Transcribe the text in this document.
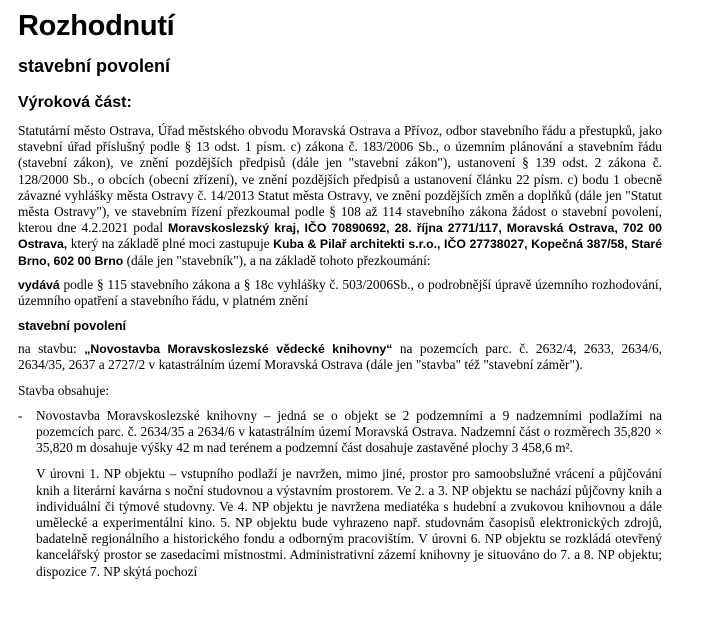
Rozhodnutí
stavební povolení
Výroková část:

Statutární město Ostrava, Úřad městského obvodu Moravská Ostrava a Přívoz, odbor stavebního řádu a přestupků, jako stavební úřad příslušný podle § 13 odst. 1 písm. c) zákona č. 183/2006 Sb., o územním plánování a stavebním řádu (stavební zákon), ve znění pozdějších předpisů (dále jen "stavební zákon"), ustanovení § 139 odst. 2 zákona č. 128/2000 Sb., o obcích (obecní zřízení), ve znění pozdějších předpisů a ustanovení článku 22 písm. c) bodu 1 obecně závazné vyhlášky města Ostravy č. 14/2013 Statut města Ostravy, ve znění pozdějších změn a doplňků (dále jen "Statut města Ostravy"), ve stavebním řízení přezkoumal podle § 108 až 114 stavebního zákona žádost o stavební povolení, kterou dne 4.2.2021 podal Moravskoslezský kraj, IČO 70890692, 28. října 2771/117, Moravská Ostrava, 702 00 Ostrava, který na základě plné moci zastupuje Kuba & Pilař architekti s.r.o., IČO 27738027, Kopečná 387/58, Staré Brno, 602 00 Brno (dále jen "stavebník"), a na základě tohoto přezkoumání:

vydává podle § 115 stavebního zákona a § 18c vyhlášky č. 503/2006Sb., o podrobnější úpravě územního rozhodování, územního opatření a stavebního řádu, v platném znění

stavební povolení

na stavbu: „Novostavba Moravskoslezské vědecké knihovny“ na pozemcích parc. č. 2632/4, 2633, 2634/6, 2634/35, 2637 a 2727/2 v katastrálním území Moravská Ostrava (dále jen "stavba" též "stavební záměr").

Stavba obsahuje:

- Novostavba Moravskoslezské knihovny – jedná se o objekt se 2 podzemními a 9 nadzemními podlažími na pozemcích parc. č. 2634/35 a 2634/6 v katastrálním území Moravská Ostrava. Nadzemní část o rozměrech 35,820 × 35,820 m dosahuje výšky 42 m nad terénem a podzemní část dosahuje zastavěné plochy 3 458,6 m².

V úrovni 1. NP objektu – vstupního podlaží je navržen, mimo jiné, prostor pro samoobslužné vrácení a půjčování knih a literární kavárna s noční studovnou a výstavním prostorem. Ve 2. a 3. NP objektu se nachází půjčovny knih a individuální či týmové studovny. Ve 4. NP objektu je navržena mediatéka s hudební a zvukovou knihovnou a dále umělecké a experimentální kino. 5. NP objektu bude vyhrazeno např. studovnám časopisů elektronických zdrojů, badatelně regionálního a historického fondu a odborným pracovištím. V úrovni 6. NP objektu se rozkládá otevřený kancelářský prostor se zasedacími místnostmi. Administrativní zázemí knihovny je situováno do 7. a 8. NP objektu; dispozice 7. NP skýtá pochozí
